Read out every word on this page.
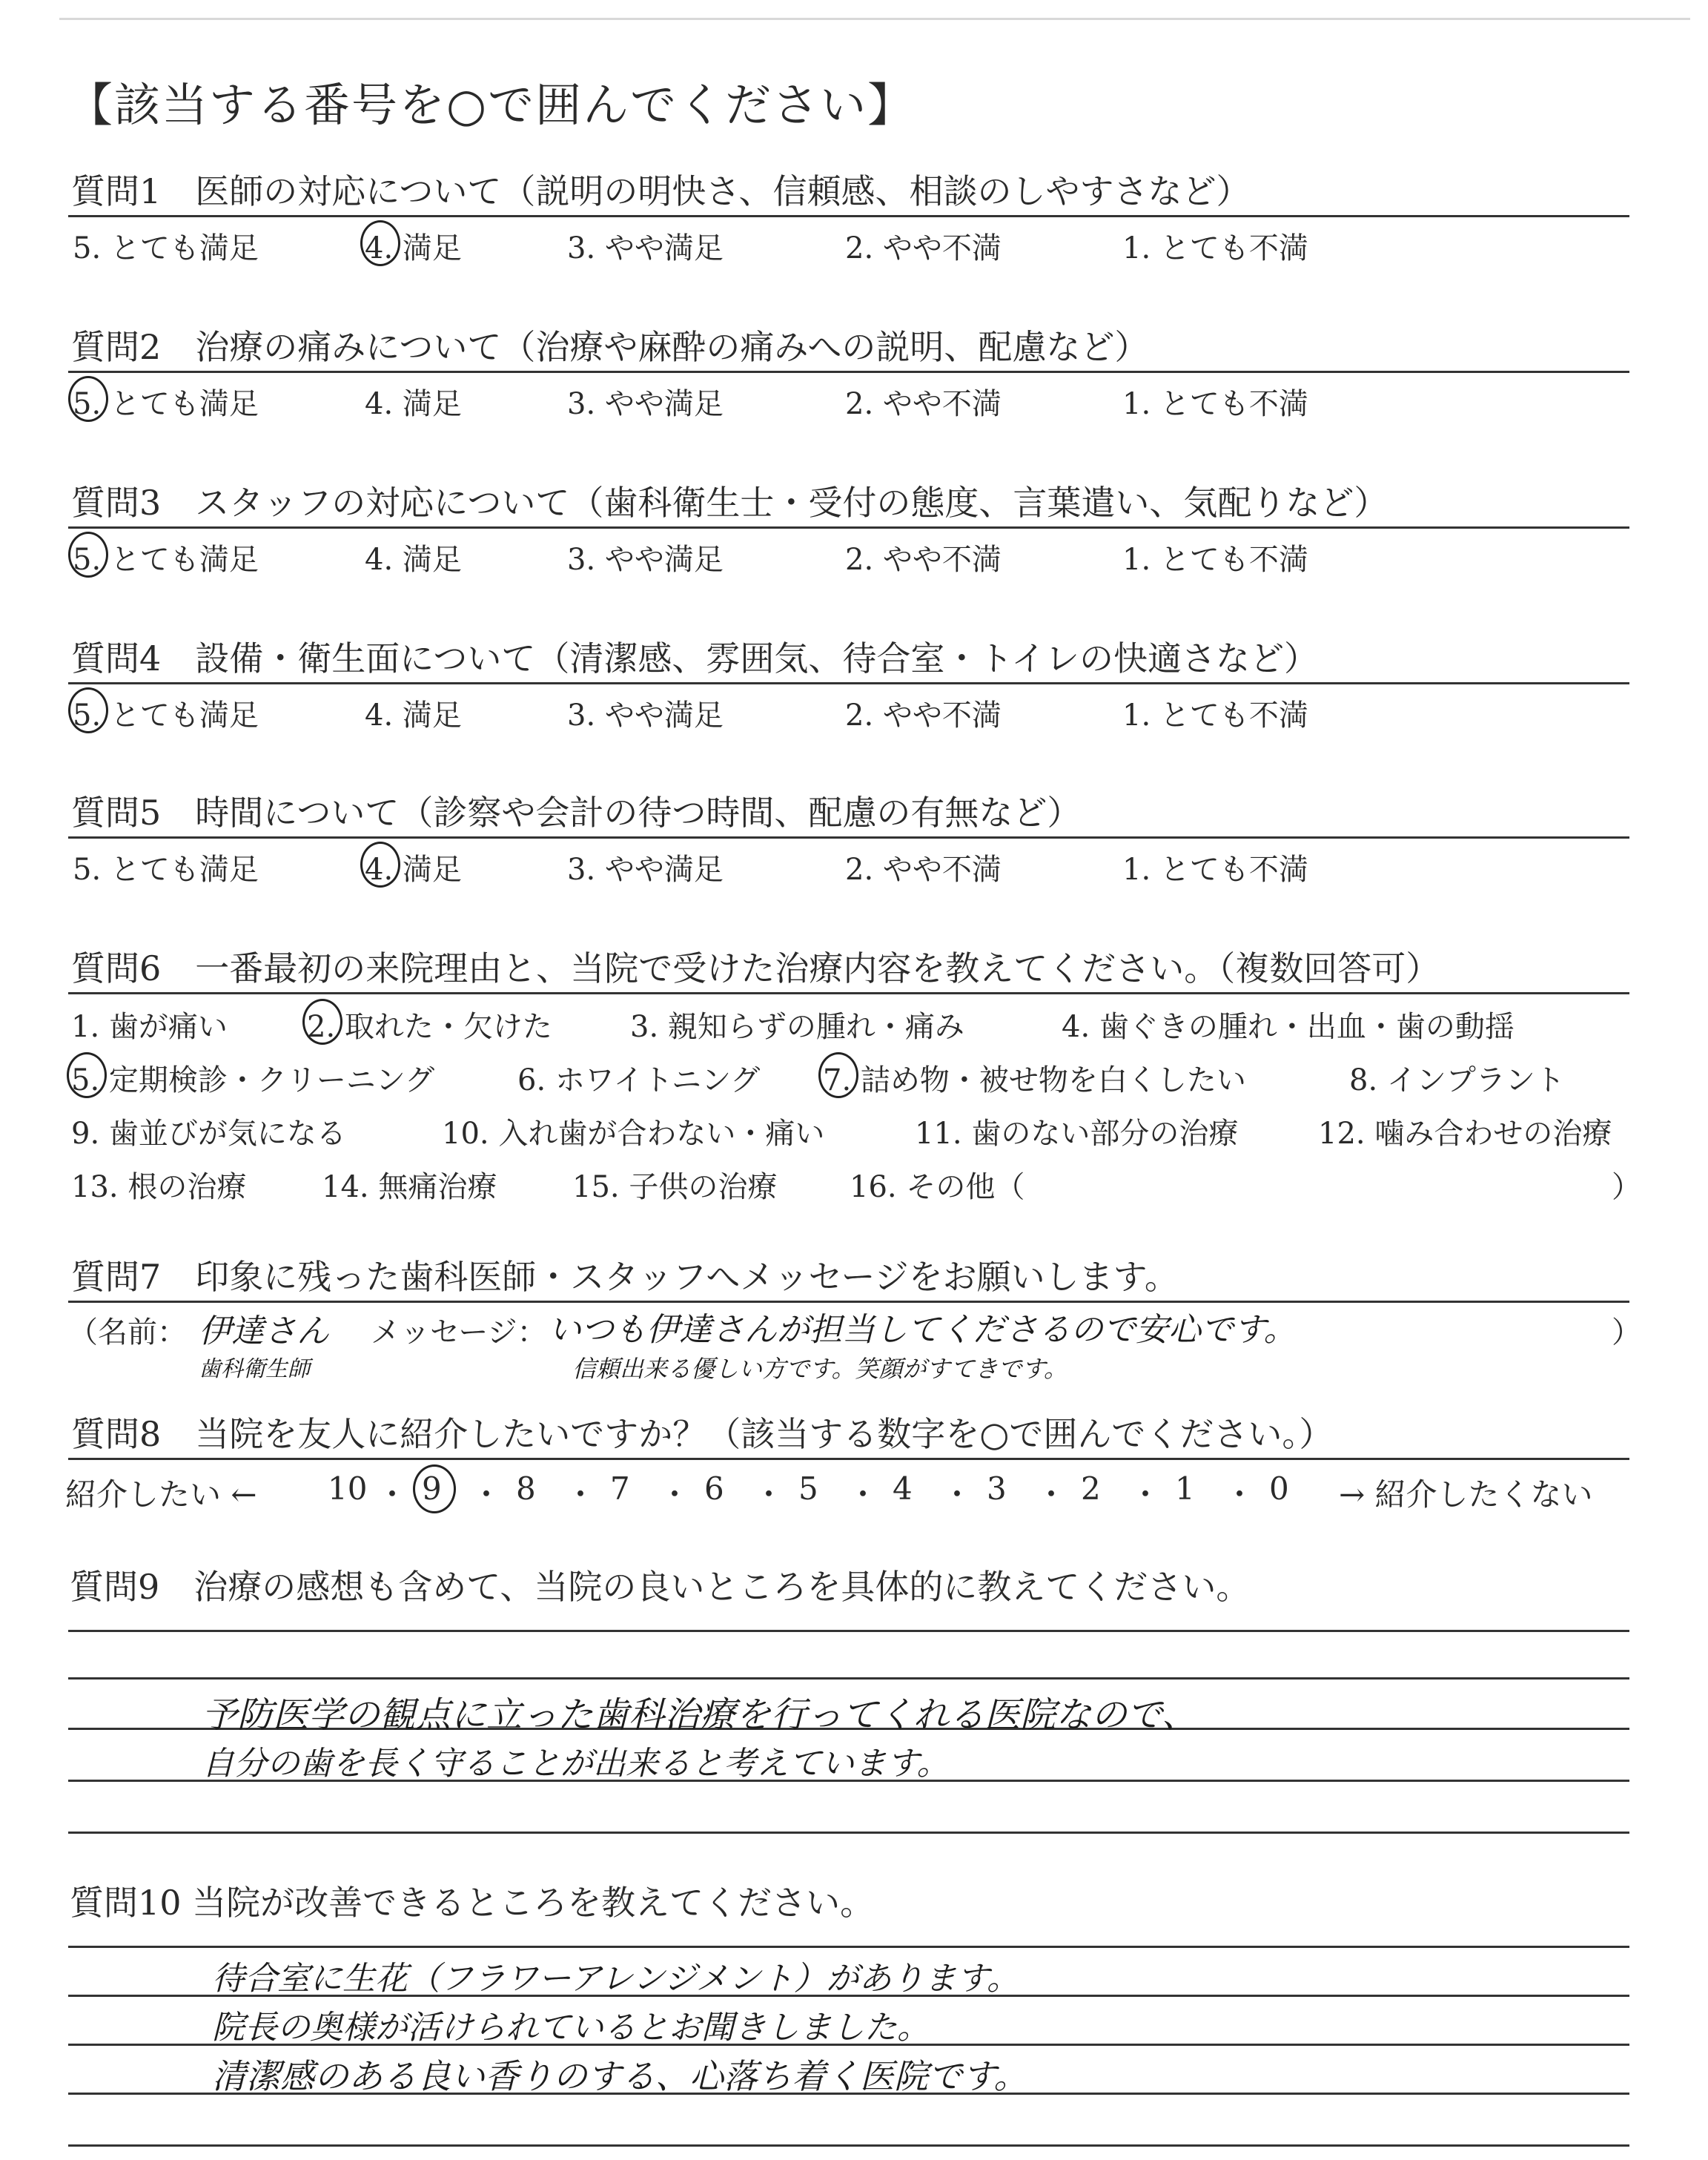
【該当する番号を○で囲んでください】
質問1　医師の対応について（説明の明快さ、信頼感、相談のしやすさなど）
5. とても満足	4. 満足	3. やや満足	2. やや不満	1. とても不満
質問2　治療の痛みについて（治療や麻酔の痛みへの説明、配慮など）
5. とても満足	4. 満足	3. やや満足	2. やや不満	1. とても不満
質問3　スタッフの対応について（歯科衛生士・受付の態度、言葉遣い、気配りなど）
5. とても満足	4. 満足	3. やや満足	2. やや不満	1. とても不満
質問4　設備・衛生面について（清潔感、雰囲気、待合室・トイレの快適さなど）
5. とても満足	4. 満足	3. やや満足	2. やや不満	1. とても不満
質問5　時間について（診察や会計の待つ時間、配慮の有無など）
5. とても満足	4. 満足	3. やや満足	2. やや不満	1. とても不満
質問6　一番最初の来院理由と、当院で受けた治療内容を教えてください。（複数回答可）
1. 歯が痛い	2. 取れた・欠けた	3. 親知らずの腫れ・痛み	4. 歯ぐきの腫れ・出血・歯の動揺
5. 定期検診・クリーニング	6. ホワイトニング 7. 詰め物・被せ物を白くしたい	8. インプラント
9. 歯並びが気になる	10. 入れ歯が合わない・痛い	11. 歯のない部分の治療	12. 噛み合わせの治療
13. 根の治療	14. 無痛治療	15. 子供の治療 16. その他（	）
質問7　印象に残った歯科医師・スタッフへメッセージをお願いします。
（名前： 伊達さん
歯科衛生師
メッセージ： いつも伊達さんが担当してくださるので安心です。
信頼出来る優しい方です。笑顔がすてきです。
）
質問8　当院を友人に紹介したいですか？（該当する数字を○で囲んでください。）
紹介したい ← 10 ・ 9 ・ 8 ・ 7 ・ 6 ・ 5 ・ 4 ・ 3 ・ 2 ・ 1 ・ 0 → 紹介したくない
質問9　治療の感想も含めて、当院の良いところを具体的に教えてください。
予防医学の観点に立った歯科治療を行ってくれる医院なので、
自分の歯を長く守ることが出来ると考えています。
質問10 当院が改善できるところを教えてください。
待合室に生花（フラワーアレンジメント）があります。
院長の奥様が活けられているとお聞きしました。
清潔感のある良い香りのする、心落ち着く医院です。
